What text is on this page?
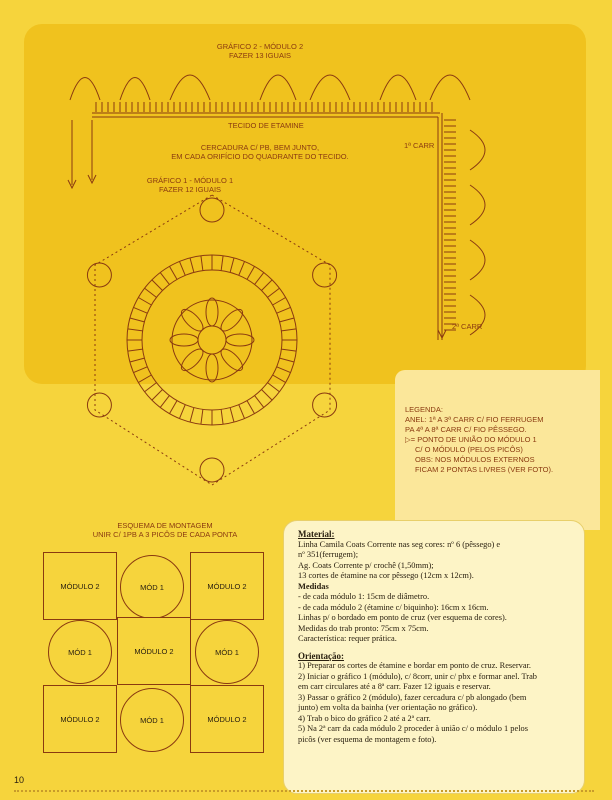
GRÁFICO 2 - MÓDULO 2
FAZER 13 IGUAIS
TECIDO DE ETAMINE
CERCADURA C/ PB, BEM JUNTO,
EM CADA ORIFÍCIO DO QUADRANTE DO TECIDO.
1ª CARR
2ª CARR
GRÁFICO 1 - MÓDULO 1
FAZER 12 IGUAIS
LEGENDA:
ANEL: 1ª A 3ª CARR C/ FIO FERRUGEM
PA 4ª A 8ª CARR C/ FIO PÊSSEGO.
▷= PONTO DE UNIÃO DO MÓDULO 1
C/ O MÓDULO (PELOS PICÔS)
OBS: NOS MÓDULOS EXTERNOS
FICAM 2 PONTAS LIVRES (VER FOTO).
ESQUEMA DE MONTAGEM
UNIR C/ 1PB A 3 PICÔS DE CADA PONTA
MÓDULO 2	MÓD 1	MÓDULO 2
MÓD 1	MÓDULO 2	MÓD 1
MÓDULO 2	MÓD 1	MÓDULO 2
Material:
Linha Camila Coats Corrente nas seg cores: nº 6 (pêssego) e
nº 351(ferrugem);
Ag. Coats Corrente p/ crochê (1,50mm);
13 cortes de étamine na cor pêssego (12cm x 12cm).
Medidas
- de cada módulo 1: 15cm de diâmetro.
- de cada módulo 2 (étamine c/ biquinho): 16cm x 16cm.
Linhas p/ o bordado em ponto de cruz (ver esquema de cores).
Medidas do trab pronto: 75cm x 75cm.
Característica: requer prática.
Orientação:
1) Preparar os cortes de étamine e bordar em ponto de cruz. Reservar.
2) Iniciar o gráfico 1 (módulo), c/ 8corr, unir c/ pbx e formar anel. Trab
em carr circulares até a 8ª carr. Fazer 12 iguais e reservar.
3) Passar o gráfico 2 (módulo), fazer cercadura c/ pb alongado (bem
junto) em volta da bainha (ver orientação no gráfico).
4) Trab o bico do gráfico 2 até a 2ª carr.
5) Na 2ª carr da cada módulo 2 proceder à união c/ o módulo 1 pelos
picôs (ver esquema de montagem e foto).
10
